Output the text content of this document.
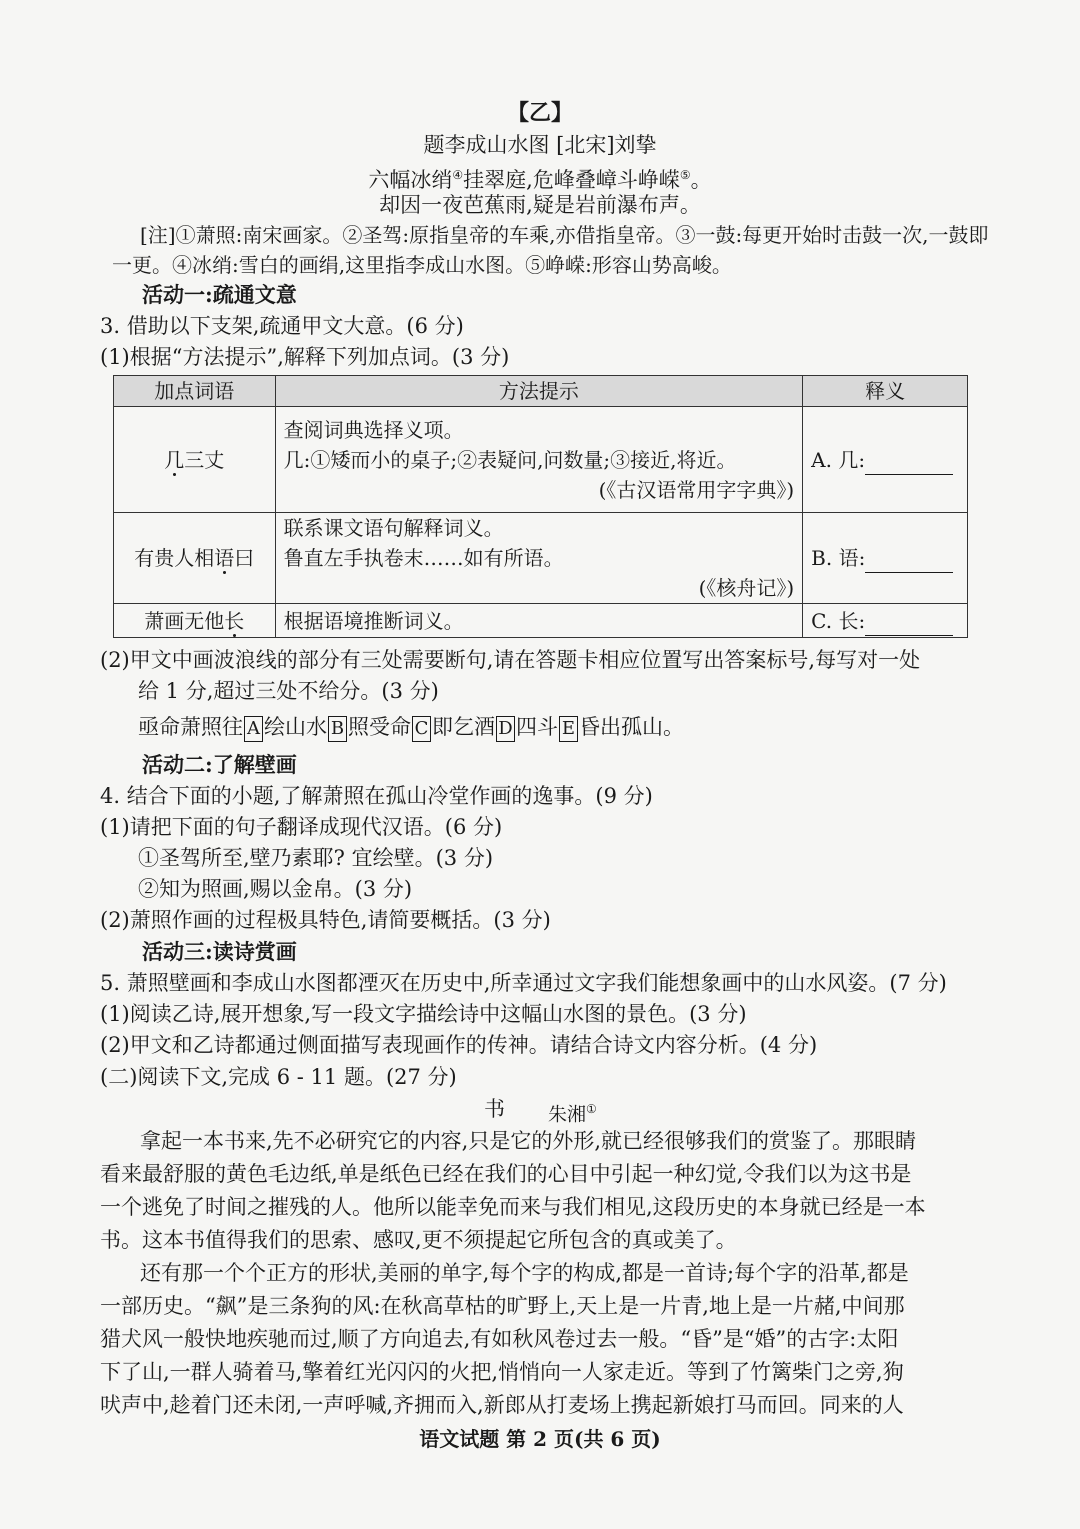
【乙】
题李成山水图 [北宋]刘挚
六幅冰绡④挂翠庭,危峰叠嶂斗峥嵘⑤。
却因一夜芭蕉雨,疑是岩前瀑布声。
[注]①萧照:南宋画家。②圣驾:原指皇帝的车乘,亦借指皇帝。③一鼓:每更开始时击鼓一次,一鼓即
一更。④冰绡:雪白的画绢,这里指李成山水图。⑤峥嵘:形容山势高峻。
活动一:疏通文意
3. 借助以下支架,疏通甲文大意。(6 分)
(1)根据“方法提示”,解释下列加点词。(3 分)
加点词语	方法提示	释义
几三丈	查阅词典选择义项。
几:①矮而小的桌子;②表疑问,问数量;③接近,将近。
(《古汉语常用字字典》)	A. 几:
有贵人相语曰	联系课文语句解释词义。
鲁直左手执卷末……如有所语。
(《核舟记》)	B. 语:
萧画无他长	根据语境推断词义。	C. 长:
(2)甲文中画波浪线的部分有三处需要断句,请在答题卡相应位置写出答案标号,每写对一处
给 1 分,超过三处不给分。(3 分)
亟命萧照往 A 绘山水 B 照受命 C 即乞酒 D 四斗 E 昏出孤山。
活动二:了解壁画
4. 结合下面的小题,了解萧照在孤山冷堂作画的逸事。(9 分)
(1)请把下面的句子翻译成现代汉语。(6 分)
①圣驾所至,壁乃素耶? 宜绘壁。(3 分)
②知为照画,赐以金帛。(3 分)
(2)萧照作画的过程极具特色,请简要概括。(3 分)
活动三:读诗赏画
5. 萧照壁画和李成山水图都湮灭在历史中,所幸通过文字我们能想象画中的山水风姿。(7 分)
(1)阅读乙诗,展开想象,写一段文字描绘诗中这幅山水图的景色。(3 分)
(2)甲文和乙诗都通过侧面描写表现画作的传神。请结合诗文内容分析。(4 分)
(二)阅读下文,完成 6 - 11 题。(27 分)
书 朱湘①
拿起一本书来,先不必研究它的内容,只是它的外形,就已经很够我们的赏鉴了。那眼睛
看来最舒服的黄色毛边纸,单是纸色已经在我们的心目中引起一种幻觉,令我们以为这书是
一个逃免了时间之摧残的人。他所以能幸免而来与我们相见,这段历史的本身就已经是一本
书。这本书值得我们的思索、感叹,更不须提起它所包含的真或美了。
还有那一个个正方的形状,美丽的单字,每个字的构成,都是一首诗;每个字的沿革,都是
一部历史。“飙”是三条狗的风:在秋高草枯的旷野上,天上是一片青,地上是一片赭,中间那
猎犬风一般快地疾驰而过,顺了方向追去,有如秋风卷过去一般。“昏”是“婚”的古字:太阳
下了山,一群人骑着马,擎着红光闪闪的火把,悄悄向一人家走近。等到了竹篱柴门之旁,狗
吠声中,趁着门还未闭,一声呼喊,齐拥而入,新郎从打麦场上携起新娘打马而回。同来的人
语文试题 第 2 页(共 6 页)
